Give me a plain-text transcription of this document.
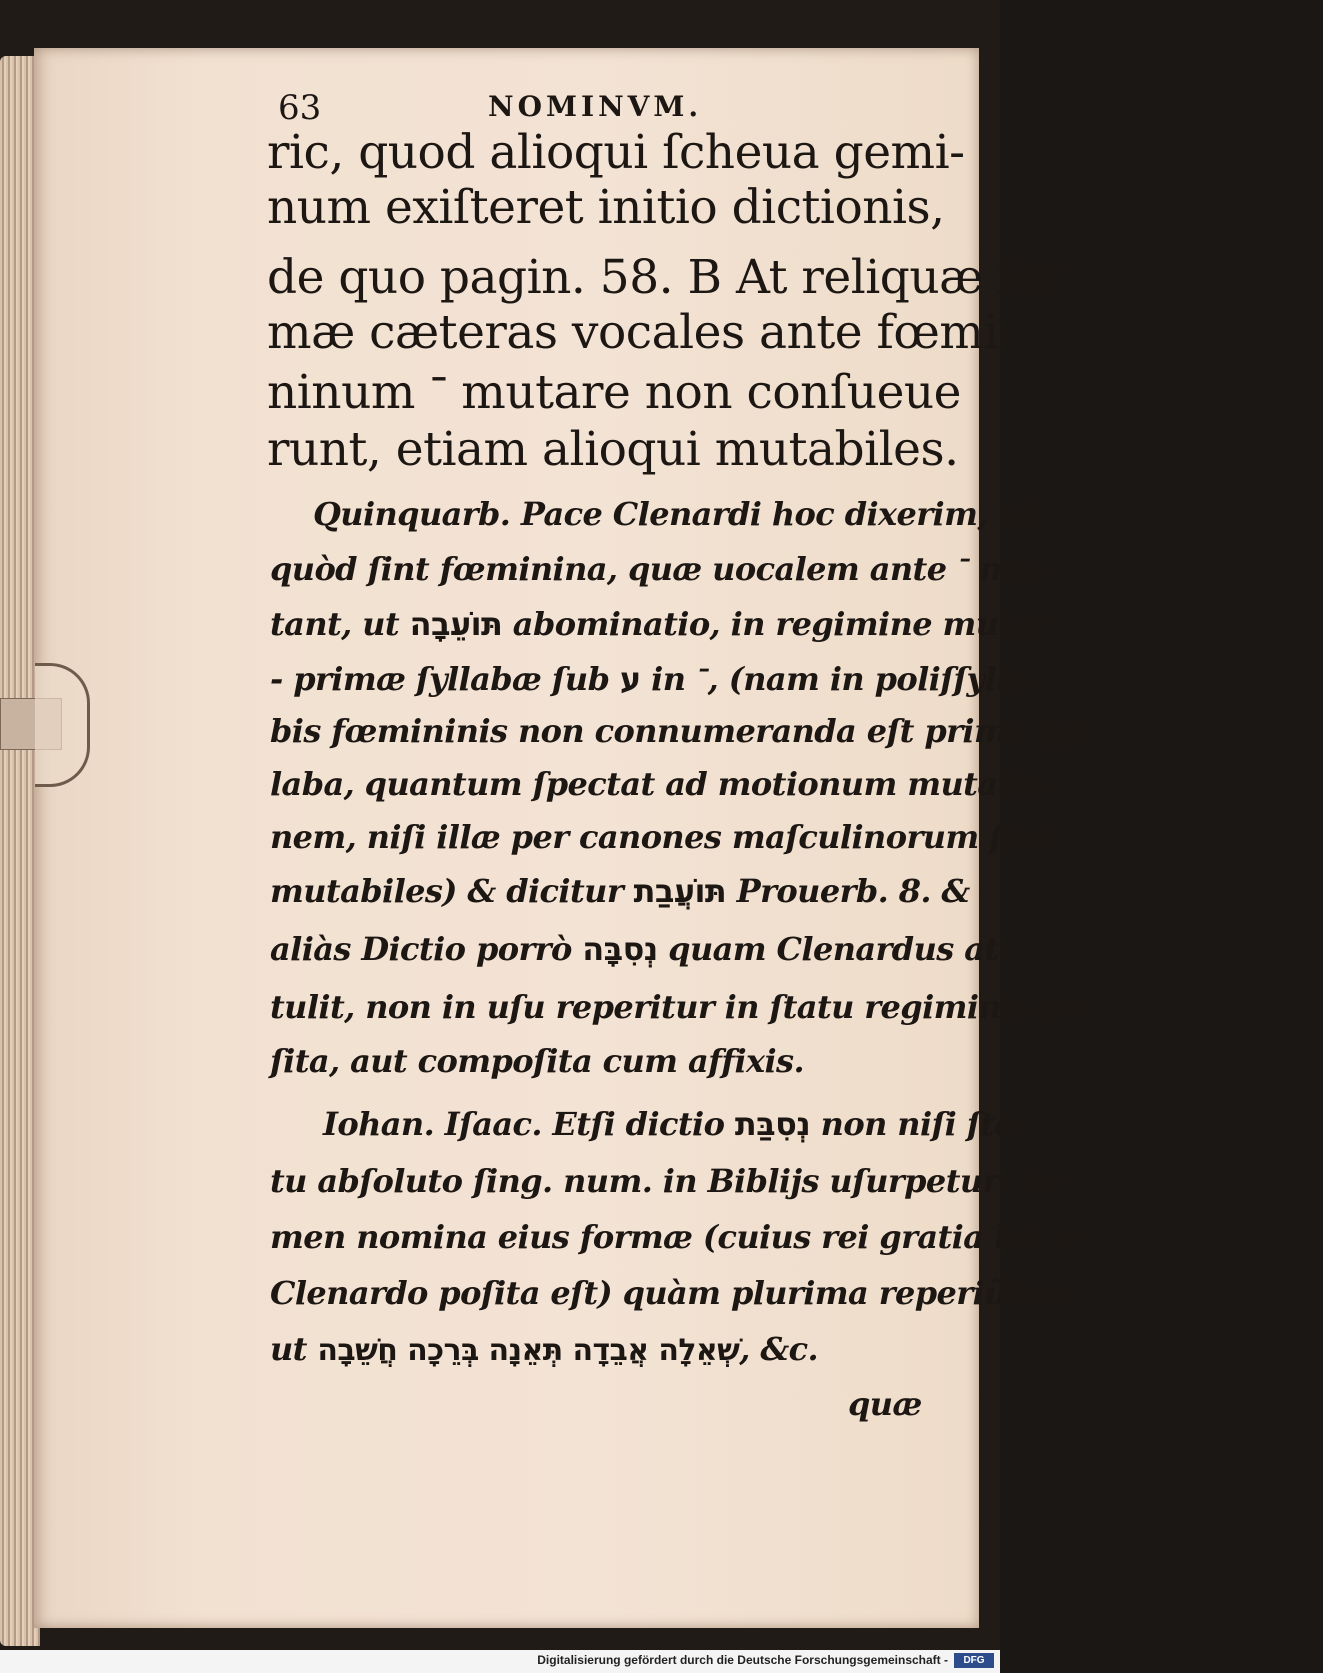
63	NOMINVM.
ric, quod alioqui ſcheua gemi-
num exiſteret initio dictionis,
de quo pagin. 58. B At reliquæ for
mæ cæteras vocales ante fœmi-
ninum ־ mutare non conſueue
runt, etiam alioqui mutabiles.
Quinquarb. Pace Clenardi hoc dixerim, eô
quòd ſint fœminina, quæ uocalem ante ־ mu-
tant, ut תּוֹעֵבָה abominatio, in regimine mutat
- primæ ſyllabæ ſub ע in ־, (nam in poliſſylla-
bis fœmininis non connumeranda eſt prima ſyl
laba, quantum ſpectat ad motionum mutatio-
nem, niſi illæ per canones maſculinorum ſint
mutabiles) & dicitur תּוֹעֲבַת Prouerb. 8. &
aliàs Dictio porrò נְסִבָּה quam Clenardus at-
tulit, non in uſu reperitur in ſtatu regiminis po
ſita, aut compoſita cum affixis.
Iohan. Iſaac. Etſi dictio נְסִבַּת non niſi ſta-
tu abſoluto ſing. num. in Biblijs uſurpetur: ta-
men nomina eius formæ (cuius rei gratia hic à
Clenardo poſita eſt) quàm plurima reperiũtur:
ut שְׁאֵלָה אֲבֵדָה תְּאֵנָה בְּרֵכָה חֲשֵׁבָה, &c.
quæ
Digitalisierung gefördert durch die Deutsche Forschungsgemeinschaft -	DFG
